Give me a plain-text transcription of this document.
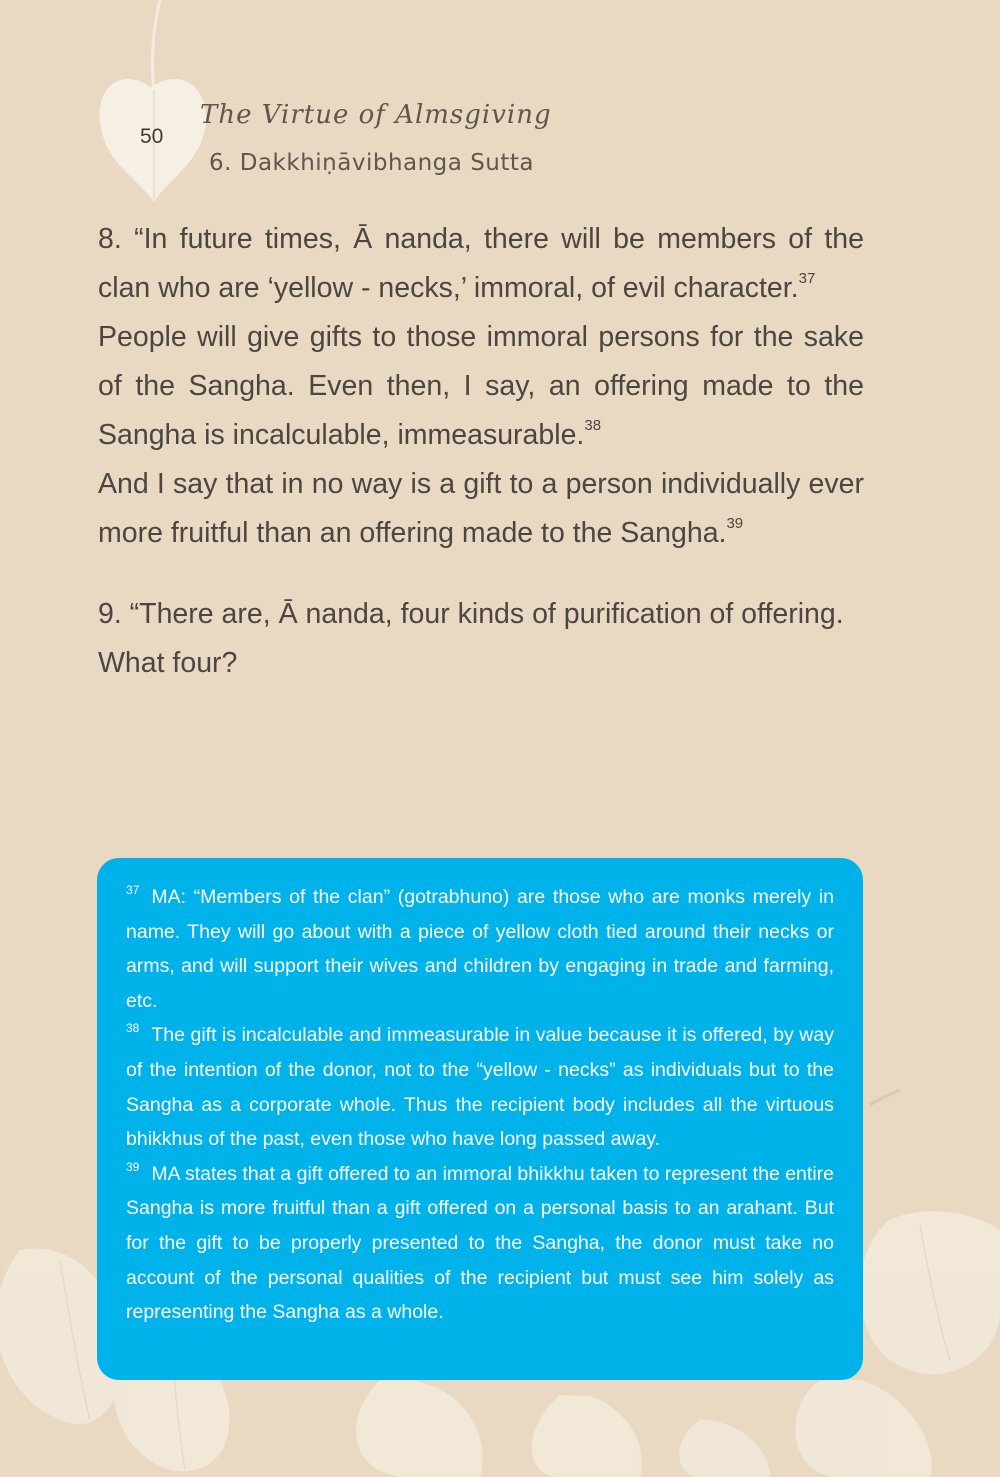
50
The Virtue of Almsgiving
6. Dakkhiṇāvibhanga Sutta

8. “In future times, Ā nanda, there will be members of the clan who are ‘yellow - necks,’ immoral, of evil character.$^{37}$

People will give gifts to those immoral persons for the sake of the Sangha. Even then, I say, an offering made to the Sangha is incalculable, immeasurable.$^{38}$

And I say that in no way is a gift to a person individually ever more fruitful than an offering made to the Sangha.$^{39}$

9. “There are, Ā nanda, four kinds of purification of offering.

What four?

$^{37}$ MA: “Members of the clan” (gotrabhuno) are those who are monks merely in name. They will go about with a piece of yellow cloth tied around their necks or arms, and will support their wives and children by engaging in trade and farming, etc.

$^{38}$ The gift is incalculable and immeasurable in value because it is offered, by way of the intention of the donor, not to the “yellow - necks” as individuals but to the Sangha as a corporate whole. Thus the recipient body includes all the virtuous bhikkhus of the past, even those who have long passed away.

$^{39}$ MA states that a gift offered to an immoral bhikkhu taken to represent the entire Sangha is more fruitful than a gift offered on a personal basis to an arahant. But for the gift to be properly presented to the Sangha, the donor must take no account of the personal qualities of the recipient but must see him solely as representing the Sangha as a whole.
